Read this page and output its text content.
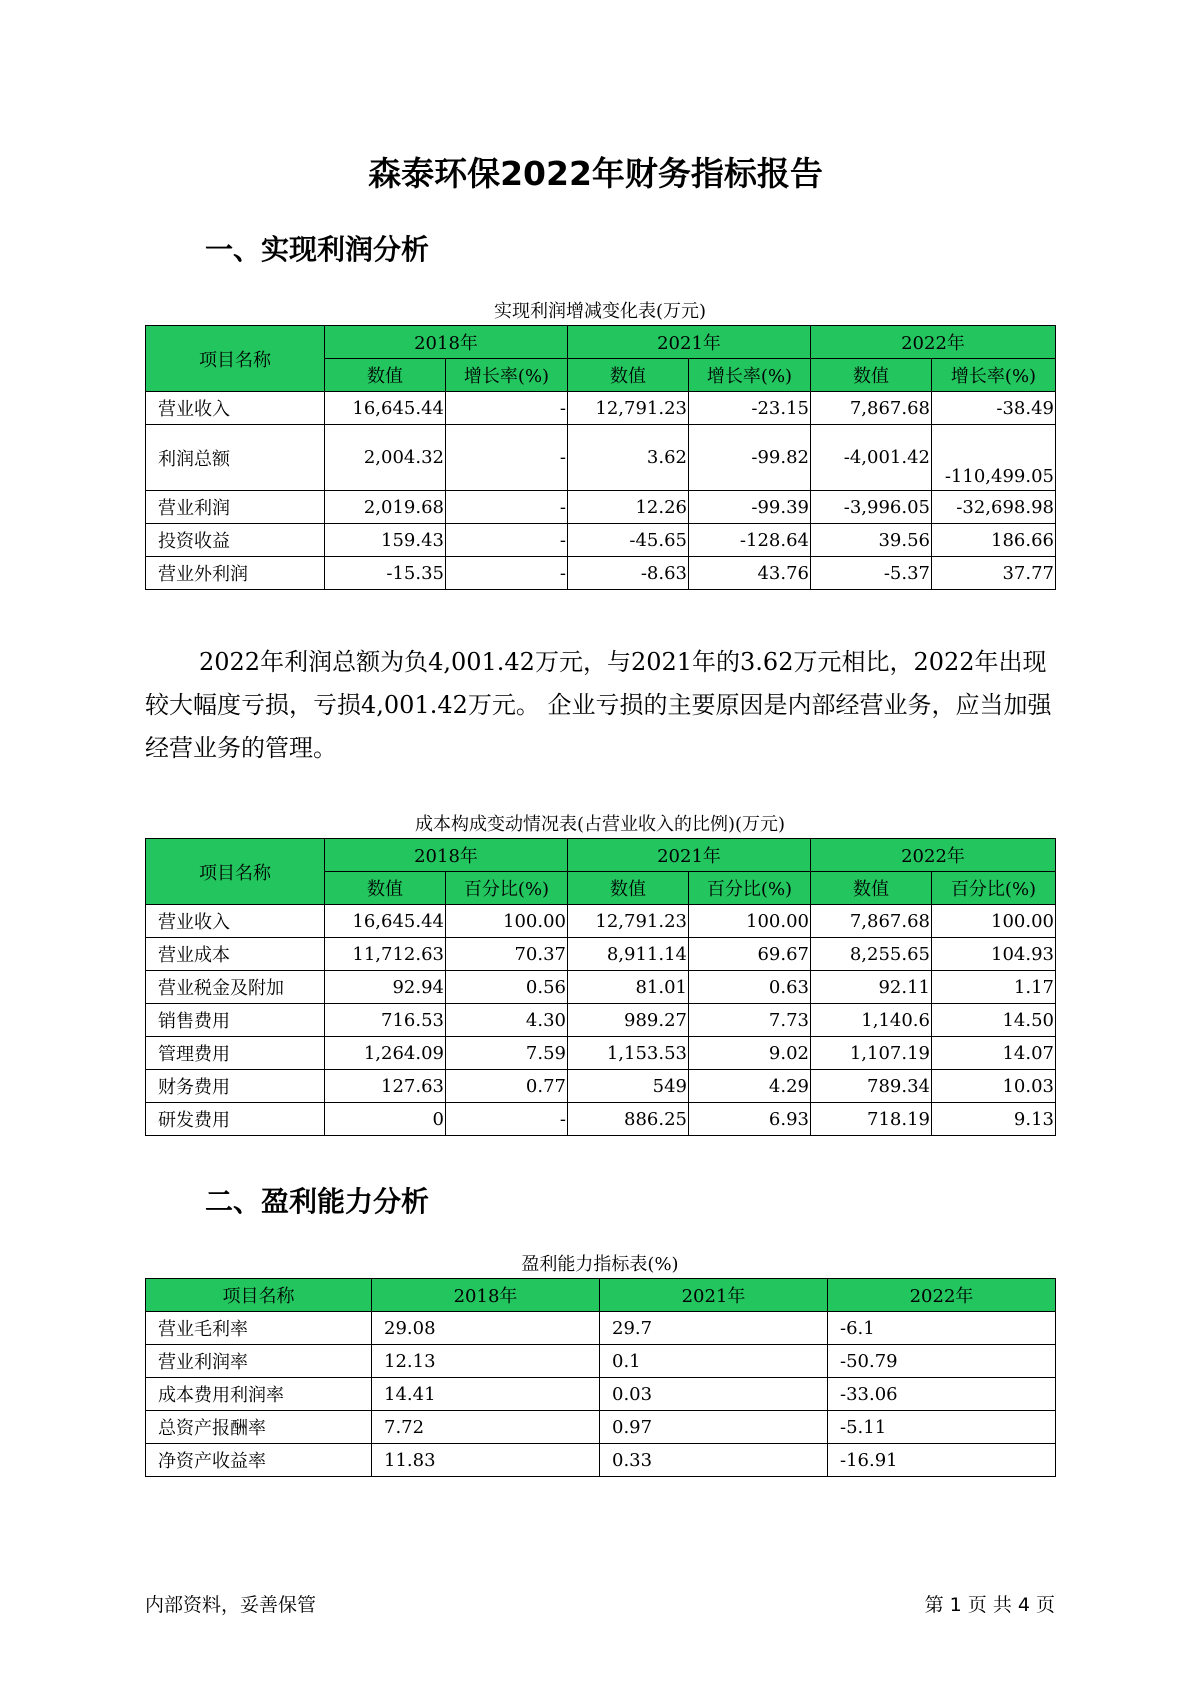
森泰环保2022年财务指标报告
一、实现利润分析
实现利润增减变化表(万元)
项目名称	2018年		2021年		2022年	
	数值	增长率(%)	数值	增长率(%)	数值	增长率(%)
营业收入	16,645.44	-	12,791.23	-23.15	7,867.68	-38.49
利润总额	2,004.32	-	3.62	-99.82	-4,001.42	-110,499.05
营业利润	2,019.68	-	12.26	-99.39	-3,996.05	-32,698.98
投资收益	159.43	-	-45.65	-128.64	39.56	186.66
营业外利润	-15.35	-	-8.63	43.76	-5.37	37.77

2022年利润总额为负4,001.42万元，与2021年的3.62万元相比，2022年出现较大幅度亏损，亏损4,001.42万元。 企业亏损的主要原因是内部经营业务，应当加强经营业务的管理。

成本构成变动情况表(占营业收入的比例)(万元)
项目名称	2018年		2021年		2022年	
	数值	百分比(%)	数值	百分比(%)	数值	百分比(%)
营业收入	16,645.44	100.00	12,791.23	100.00	7,867.68	100.00
营业成本	11,712.63	70.37	8,911.14	69.67	8,255.65	104.93
营业税金及附加	92.94	0.56	81.01	0.63	92.11	1.17
销售费用	716.53	4.30	989.27	7.73	1,140.6	14.50
管理费用	1,264.09	7.59	1,153.53	9.02	1,107.19	14.07
财务费用	127.63	0.77	549	4.29	789.34	10.03
研发费用	0	-	886.25	6.93	718.19	9.13
二、盈利能力分析
盈利能力指标表(%)
项目名称	2018年	2021年	2022年
营业毛利率	29.08	29.7	-6.1
营业利润率	12.13	0.1	-50.79
成本费用利润率	14.41	0.03	-33.06
总资产报酬率	7.72	0.97	-5.11
净资产收益率	11.83	0.33	-16.91
内部资料，妥善保管	第 1 页 共 4 页
